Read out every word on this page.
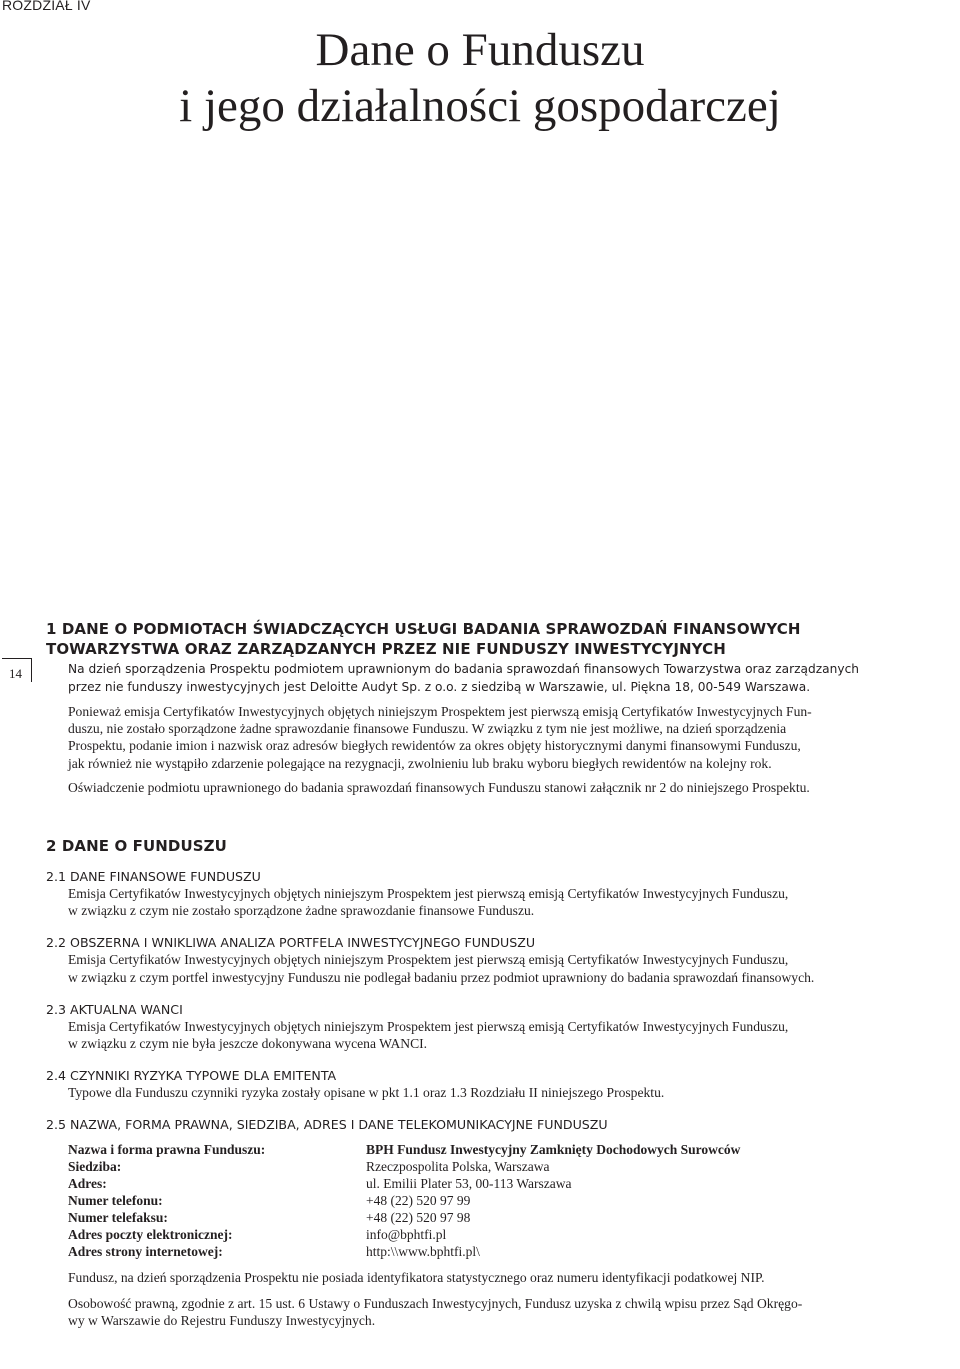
ROZDZIAŁ IV
Dane o Funduszu
i jego działalności gospodarczej
14
1 DANE O PODMIOTACH ŚWIADCZĄCYCH USŁUGI BADANIA SPRAWOZDAŃ FINANSOWYCH
TOWARZYSTWA ORAZ ZARZĄDZANYCH PRZEZ NIE FUNDUSZY INWESTYCYJNYCH

Na dzień sporządzenia Prospektu podmiotem uprawnionym do badania sprawozdań finansowych Towarzystwa oraz zarządzanych
przez nie funduszy inwestycyjnych jest Deloitte Audyt Sp. z o.o. z siedzibą w Warszawie, ul. Piękna 18, 00-549 Warszawa.

Ponieważ emisja Certyfikatów Inwestycyjnych objętych niniejszym Prospektem jest pierwszą emisją Certyfikatów Inwestycyjnych Fun-
duszu, nie zostało sporządzone żadne sprawozdanie finansowe Funduszu. W związku z tym nie jest możliwe, na dzień sporządzenia
Prospektu, podanie imion i nazwisk oraz adresów biegłych rewidentów za okres objęty historycznymi danymi finansowymi Funduszu,
jak również nie wystąpiło zdarzenie polegające na rezygnacji, zwolnieniu lub braku wyboru biegłych rewidentów na kolejny rok.

Oświadczenie podmiotu uprawnionego do badania sprawozdań finansowych Funduszu stanowi załącznik nr 2 do niniejszego Prospektu.

2 DANE O FUNDUSZU
2.1 DANE FINANSOWE FUNDUSZU

Emisja Certyfikatów Inwestycyjnych objętych niniejszym Prospektem jest pierwszą emisją Certyfikatów Inwestycyjnych Funduszu,
w związku z czym nie zostało sporządzone żadne sprawozdanie finansowe Funduszu.

2.2 OBSZERNA I WNIKLIWA ANALIZA PORTFELA INWESTYCYJNEGO FUNDUSZU

Emisja Certyfikatów Inwestycyjnych objętych niniejszym Prospektem jest pierwszą emisją Certyfikatów Inwestycyjnych Funduszu,
w związku z czym portfel inwestycyjny Funduszu nie podlegał badaniu przez podmiot uprawniony do badania sprawozdań finansowych.

2.3 AKTUALNA WANCI

Emisja Certyfikatów Inwestycyjnych objętych niniejszym Prospektem jest pierwszą emisją Certyfikatów Inwestycyjnych Funduszu,
w związku z czym nie była jeszcze dokonywana wycena WANCI.

2.4 CZYNNIKI RYZYKA TYPOWE DLA EMITENTA

Typowe dla Funduszu czynniki ryzyka zostały opisane w pkt 1.1 oraz 1.3 Rozdziału II niniejszego Prospektu.

2.5 NAZWA, FORMA PRAWNA, SIEDZIBA, ADRES I DANE TELEKOMUNIKACYJNE FUNDUSZU
Nazwa i forma prawna Funduszu:	BPH Fundusz Inwestycyjny Zamknięty Dochodowych Surowców
Siedziba:	Rzeczpospolita Polska, Warszawa
Adres:	ul. Emilii Plater 53, 00-113 Warszawa
Numer telefonu:	+48 (22) 520 97 99
Numer telefaksu:	+48 (22) 520 97 98
Adres poczty elektronicznej:	info@bphtfi.pl
Adres strony internetowej:	http:\\www.bphtfi.pl\

Fundusz, na dzień sporządzenia Prospektu nie posiada identyfikatora statystycznego oraz numeru identyfikacji podatkowej NIP.

Osobowość prawną, zgodnie z art. 15 ust. 6 Ustawy o Funduszach Inwestycyjnych, Fundusz uzyska z chwilą wpisu przez Sąd Okręgo-
wy w Warszawie do Rejestru Funduszy Inwestycyjnych.
